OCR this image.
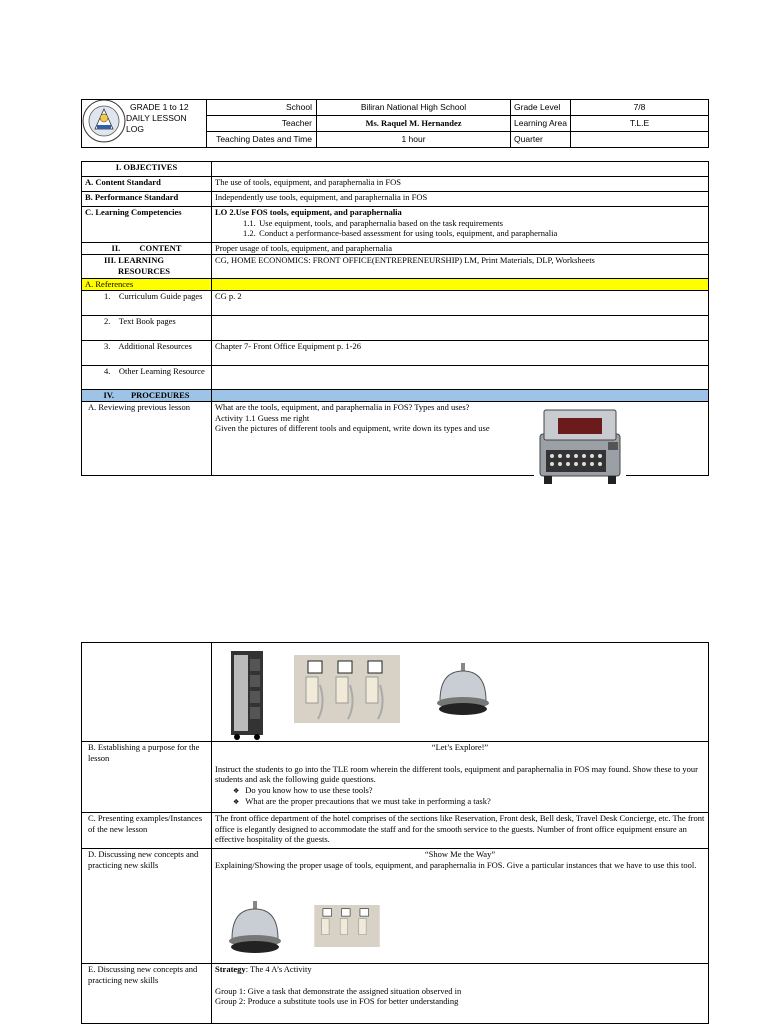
GRADE 1 to 12
DAILY LESSON LOG	School	Biliran National High School	Grade Level	7/8
	Teacher	Ms. Raquel M. Hernandez	Learning Area	T.L.E
	Teaching Dates and Time	1 hour	Quarter	
I. OBJECTIVES	
A. Content Standard	The use of tools, equipment, and paraphernalia in FOS
B. Performance Standard	Independently use tools, equipment, and paraphernalia in FOS
C. Learning Competencies	LO 2.Use FOS tools, equipment, and paraphernalia
1.1. Use equipment, tools, and paraphernalia based on the task requirements
1.2. Conduct a performance-based assessment for using tools, equipment, and paraphernalia

II.         CONTENT	Proper usage of tools, equipment, and paraphernalia

III. LEARNING
RESOURCES	CG, HOME ECONOMICS: FRONT OFFICE(ENTREPRENEURSHIP) LM, Print Materials, DLP, Worksheets
A. References	
1.    Curriculum Guide pages	CG p. 2
2.    Text Book pages	
3.    Additional Resources	Chapter 7- Front Office Equipment p. 1-26
4.    Other Learning Resource	
IV.        PROCEDURES	
A. Reviewing previous lesson	What are the tools, equipment, and paraphernalia in FOS? Types and uses?
Activity 1.1 Guess me right
Given the pictures of different tools and equipment, write down its types and use

B. Establishing a purpose for the lesson	“Let’s Explore!”
Instruct the students to go into the TLE room wherein the different tools, equipment and paraphernalia in FOS may found. Show these to your students and ask the following guide questions.
❖ Do you know how to use these tools?
❖ What are the proper precautions that we must take in performing a task?

C. Presenting examples/Instances of the new lesson	The front office department of the hotel comprises of the sections like Reservation, Front desk, Bell desk, Travel Desk Concierge, etc. The front office is elegantly designed to accommodate the staff and for the smooth service to the guests. Number of front office equipment ensure an effective hospitality of the guests.
D. Discussing new concepts and practicing new skills	“Show Me the Way”
Explaining/Showing the proper usage of tools, equipment, and paraphernalia in FOS. Give a particular instances that we have to use this tool.

E. Discussing new concepts and practicing new skills	Strategy: The 4 A’s Activity
Group 1: Give a task that demonstrate the assigned situation observed in
Group 2: Produce a substitute tools use in FOS for better understanding
